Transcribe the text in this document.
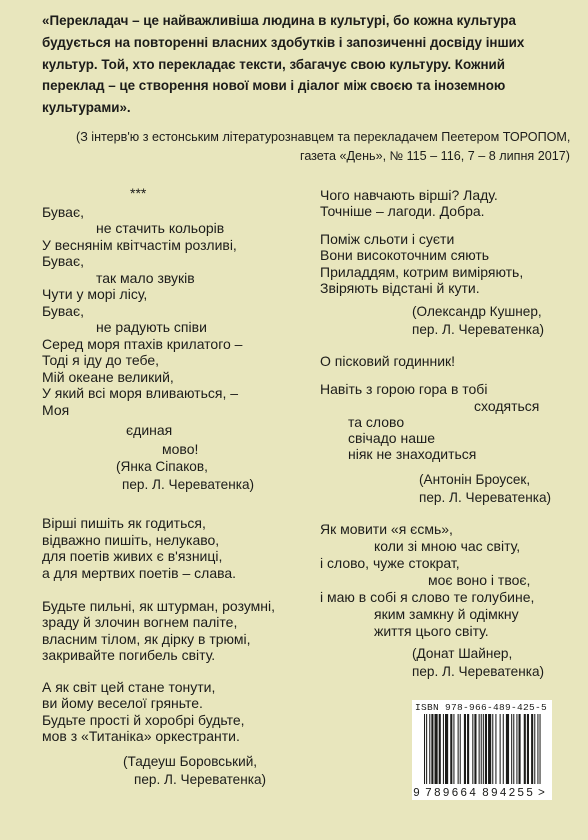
«Перекладач – це найважливіша людина в культурі, бо кожна культура
будується на повторенні власних здобутків і запозиченні досвіду інших
культур. Той, хто перекладає тексти, збагачує свою культуру. Кожний
переклад – це створення нової мови і діалог між своєю та іноземною
культурами».
(З інтерв'ю з естонським літературознавцем та перекладачем Пеетером ТОРОПОМ,
газета «День», № 115 – 116, 7 – 8 липня 2017)
***
Буває,
не стачить кольорів
У веснянім квітчастім розливі,
Буває,
так мало звуків
Чути у морі лісу,
Буває,
не радують співи
Серед моря птахів крилатого –
Тоді я іду до тебе,
Мій океане великий,
У який всі моря вливаються, –
Моя
єдиная
мово!
(Янка Сіпаков,
пер. Л. Череватенка)
Вірші пишіть як годиться,
відважно пишіть, нелукаво,
для поетів живих є в'язниці,
а для мертвих поетів – слава.
Будьте пильні, як штурман, розумні,
зраду й злочин вогнем паліте,
власним тілом, як дірку в трюмі,
закривайте погибель світу.
А як світ цей стане тонути,
ви йому веселої гряньте.
Будьте прості й хоробрі будьте,
мов з «Титаніка» оркестранти.
(Тадеуш Боровський,
пер. Л. Череватенка)
Чого навчають вірші? Ладу.
Точніше – лагоди. Добра.
Поміж сльоти і суєти
Вони високоточним сяють
Приладдям, котрим виміряють,
Звіряють відстані й кути.
(Олександр Кушнер,
пер. Л. Череватенка)
О пісковий годинник!
Навіть з горою гора в тобі
сходяться
та слово
свічадо наше
ніяк не знаходиться
(Антонін Броусек,
пер. Л. Череватенка)
Як мовити «я єсмь»,
коли зі мною час світу,
і слово, чуже стократ,
моє воно і твоє,
і маю в собі я слово те голубине,
яким замкну й одімкну
життя цього світу.
(Донат Шайнер,
пер. Л. Череватенка)
ISBN 978-966-489-425-5
9 789664 894255 >
